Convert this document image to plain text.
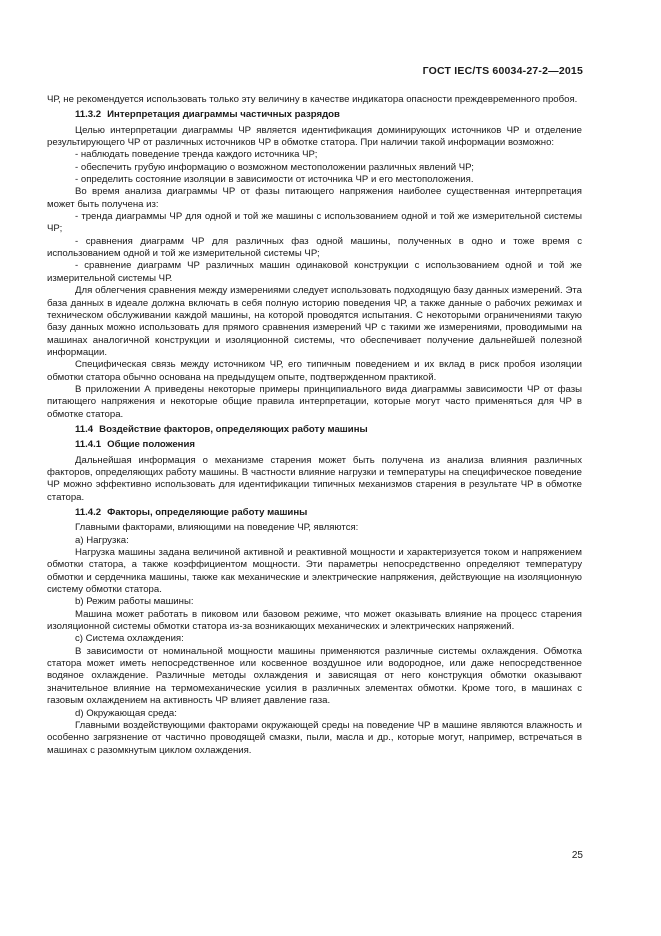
ГОСТ IEC/TS 60034-27-2—2015

ЧР, не рекомендуется использовать только эту величину в качестве индикатора опасности преждевременного пробоя.

11.3.2 Интерпретация диаграммы частичных разрядов

Целью интерпретации диаграммы ЧР является идентификация доминирующих источников ЧР и отделение результирующего ЧР от различных источников ЧР в обмотке статора. При наличии такой информации возможно:

- наблюдать поведение тренда каждого источника ЧР;

- обеспечить грубую информацию о возможном местоположении различных явлений ЧР;

- определить состояние изоляции в зависимости от источника ЧР и его местоположения.

Во время анализа диаграммы ЧР от фазы питающего напряжения наиболее существенная интерпретация может быть получена из:

- тренда диаграммы ЧР для одной и той же машины с использованием одной и той же измерительной системы ЧР;

- сравнения диаграмм ЧР для различных фаз одной машины, полученных в одно и тоже время с использованием одной и той же измерительной системы ЧР;

- сравнение диаграмм ЧР различных машин одинаковой конструкции с использованием одной и той же измерительной системы ЧР.

Для облегчения сравнения между измерениями следует использовать подходящую базу данных измерений. Эта база данных в идеале должна включать в себя полную историю поведения ЧР, а также данные о рабочих режимах и техническом обслуживании каждой машины, на которой проводятся испытания. С некоторыми ограничениями такую базу данных можно использовать для прямого сравнения измерений ЧР с такими же измерениями, проводимыми на машинах аналогичной конструкции и изоляционной системы, что обеспечивает получение дальнейшей полезной информации.

Специфическая связь между источником ЧР, его типичным поведением и их вклад в риск пробоя изоляции обмотки статора обычно основана на предыдущем опыте, подтвержденном практикой.

В приложении А приведены некоторые примеры принципиального вида диаграммы зависимости ЧР от фазы питающего напряжения и некоторые общие правила интерпретации, которые могут часто применяться для ЧР в обмотке статора.

11.4 Воздействие факторов, определяющих работу машины
11.4.1 Общие положения

Дальнейшая информация о механизме старения может быть получена из анализа влияния различных факторов, определяющих работу машины. В частности влияние нагрузки и температуры на специфическое поведение ЧР можно эффективно использовать для идентификации типичных механизмов старения в результате ЧР в обмотке статора.

11.4.2 Факторы, определяющие работу машины

Главными факторами, влияющими на поведение ЧР, являются:

а) Нагрузка:

Нагрузка машины задана величиной активной и реактивной мощности и характеризуется током и напряжением обмотки статора, а также коэффициентом мощности. Эти параметры непосредственно определяют температуру обмотки и сердечника машины, также как механические и электрические напряжения, действующие на изоляционную систему обмотки статора.

b) Режим работы машины:

Машина может работать в пиковом или базовом режиме, что может оказывать влияние на процесс старения изоляционной системы обмотки статора из-за возникающих механических и электрических напряжений.

c) Система охлаждения:

В зависимости от номинальной мощности машины применяются различные системы охлаждения. Обмотка статора может иметь непосредственное или косвенное воздушное или водородное, или даже непосредственное водяное охлаждение. Различные методы охлаждения и зависящая от него конструкция обмотки оказывают значительное влияние на термомеханические усилия в различных элементах обмотки. Кроме того, в машинах с газовым охлаждением на активность ЧР влияет давление газа.

d) Окружающая среда:

Главными воздействующими факторами окружающей среды на поведение ЧР в машине являются влажность и особенно загрязнение от частично проводящей смазки, пыли, масла и др., которые могут, например, встречаться в машинах с разомкнутым циклом охлаждения.

25
